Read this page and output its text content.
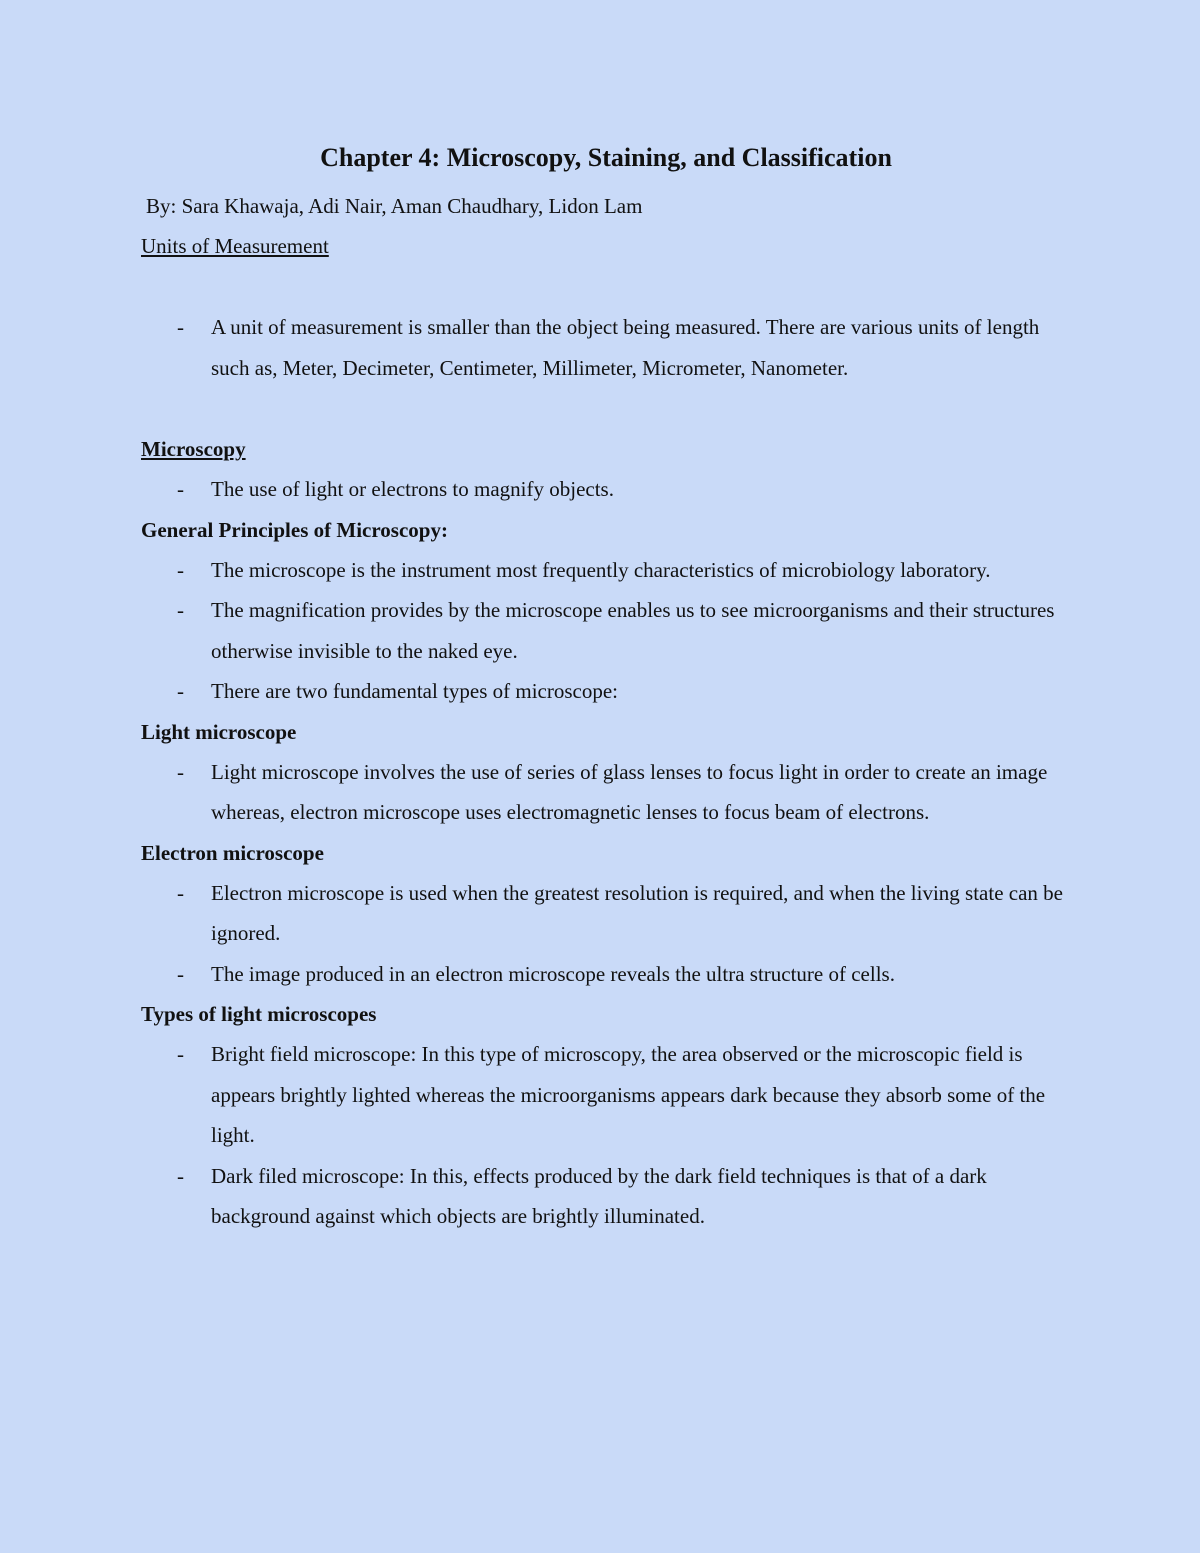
Chapter 4: Microscopy, Staining, and Classification

By: Sara Khawaja, Adi Nair, Aman Chaudhary, Lidon Lam

Units of Measurement

- A unit of measurement is smaller than the object being measured. There are various units of length such as, Meter, Decimeter, Centimeter, Millimeter, Micrometer, Nanometer.

Microscopy

- The use of light or electrons to magnify objects.

General Principles of Microscopy:

- The microscope is the instrument most frequently characteristics of microbiology laboratory.
- The magnification provides by the microscope enables us to see microorganisms and their structures otherwise invisible to the naked eye.
- There are two fundamental types of microscope:

Light microscope

- Light microscope involves the use of series of glass lenses to focus light in order to create an image whereas, electron microscope uses electromagnetic lenses to focus beam of electrons.

Electron microscope

- Electron microscope is used when the greatest resolution is required, and when the living state can be ignored.
- The image produced in an electron microscope reveals the ultra structure of cells.

Types of light microscopes

- Bright field microscope: In this type of microscopy, the area observed or the microscopic field is appears brightly lighted whereas the microorganisms appears dark because they absorb some of the light.
- Dark filed microscope: In this, effects produced by the dark field techniques is that of a dark background against which objects are brightly illuminated.
